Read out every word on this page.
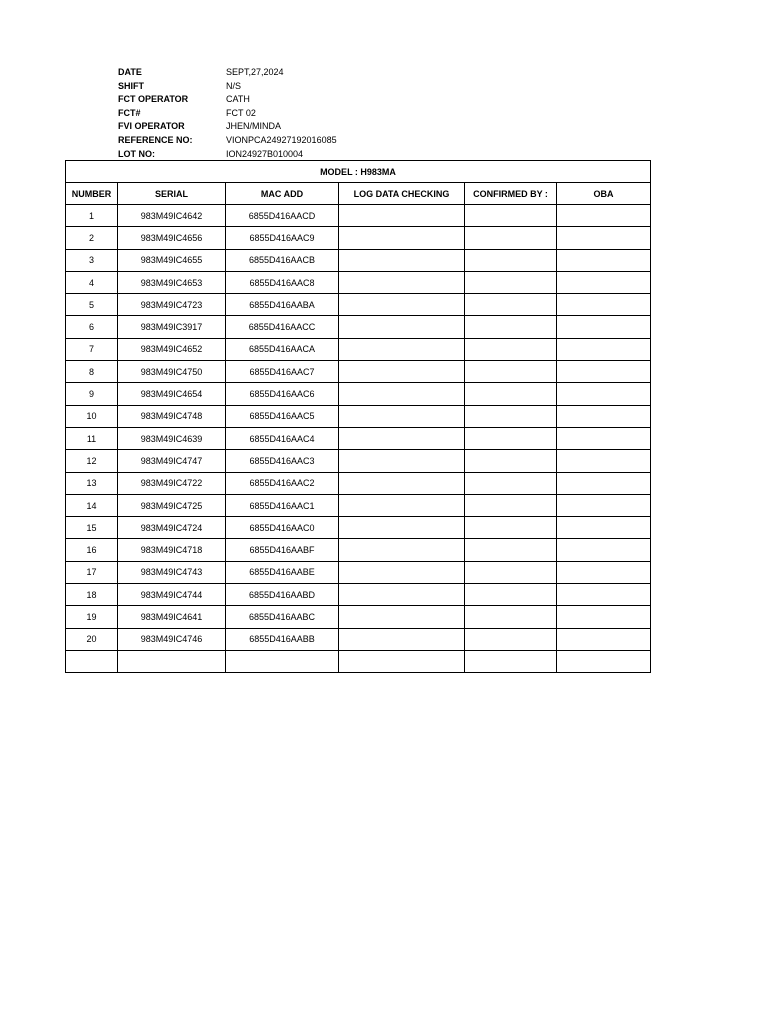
DATE	SEPT,27,2024
SHIFT	N/S
FCT OPERATOR	CATH
FCT#	FCT 02
FVI OPERATOR	JHEN/MINDA
REFERENCE NO:	VIONPCA24927192016085
LOT NO:	ION24927B010004
MODEL : H983MA					
NUMBER	SERIAL	MAC ADD	LOG DATA CHECKING	CONFIRMED BY :	OBA
1	983M49IC4642	6855D416AACD			
2	983M49IC4656	6855D416AAC9			
3	983M49IC4655	6855D416AACB			
4	983M49IC4653	6855D416AAC8			
5	983M49IC4723	6855D416AABA			
6	983M49IC3917	6855D416AACC			
7	983M49IC4652	6855D416AACA			
8	983M49IC4750	6855D416AAC7			
9	983M49IC4654	6855D416AAC6			
10	983M49IC4748	6855D416AAC5			
11	983M49IC4639	6855D416AAC4			
12	983M49IC4747	6855D416AAC3			
13	983M49IC4722	6855D416AAC2			
14	983M49IC4725	6855D416AAC1			
15	983M49IC4724	6855D416AAC0			
16	983M49IC4718	6855D416AABF			
17	983M49IC4743	6855D416AABE			
18	983M49IC4744	6855D416AABD			
19	983M49IC4641	6855D416AABC			
20	983M49IC4746	6855D416AABB			
